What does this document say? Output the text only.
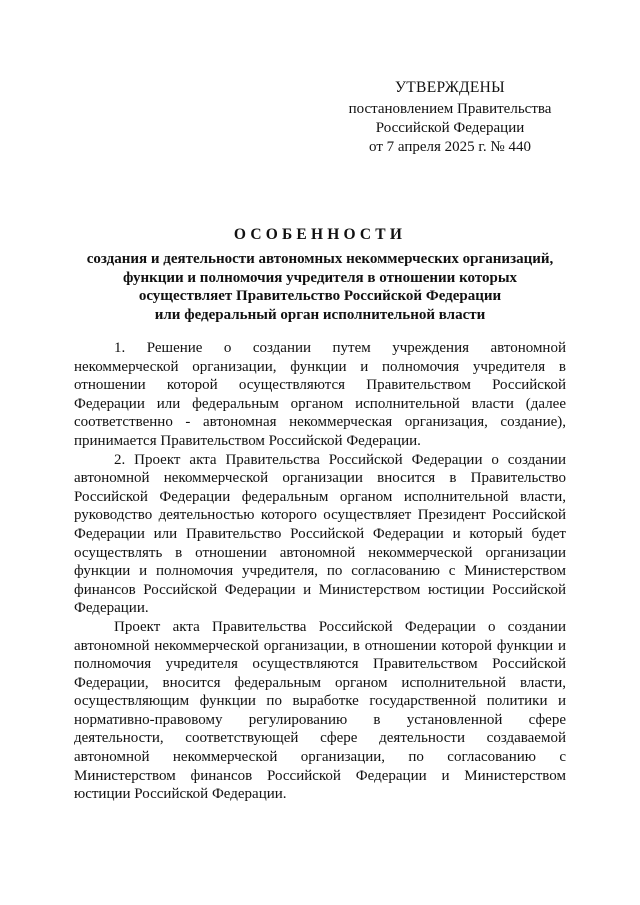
УТВЕРЖДЕНЫ
постановлением Правительства
Российской Федерации
от 7 апреля 2025 г. № 440
ОСОБЕННОСТИ
создания и деятельности автономных некоммерческих организаций,
функции и полномочия учредителя в отношении которых
осуществляет Правительство Российской Федерации
или федеральный орган исполнительной власти

1. Решение о создании путем учреждения автономной некоммерческой организации, функции и полномочия учредителя в отношении которой осуществляются Правительством Российской Федерации или федеральным органом исполнительной власти (далее соответственно - автономная некоммерческая организация, создание), принимается Правительством Российской Федерации.

2. Проект акта Правительства Российской Федерации о создании автономной некоммерческой организации вносится в Правительство Российской Федерации федеральным органом исполнительной власти, руководство деятельностью которого осуществляет Президент Российской Федерации или Правительство Российской Федерации и который будет осуществлять в отношении автономной некоммерческой организации функции и полномочия учредителя, по согласованию с Министерством финансов Российской Федерации и Министерством юстиции Российской Федерации.

Проект акта Правительства Российской Федерации о создании автономной некоммерческой организации, в отношении которой функции и полномочия учредителя осуществляются Правительством Российской Федерации, вносится федеральным органом исполнительной власти, осуществляющим функции по выработке государственной политики и нормативно-правовому регулированию в установленной сфере деятельности, соответствующей сфере деятельности создаваемой автономной некоммерческой организации, по согласованию с Министерством финансов Российской Федерации и Министерством юстиции Российской Федерации.
